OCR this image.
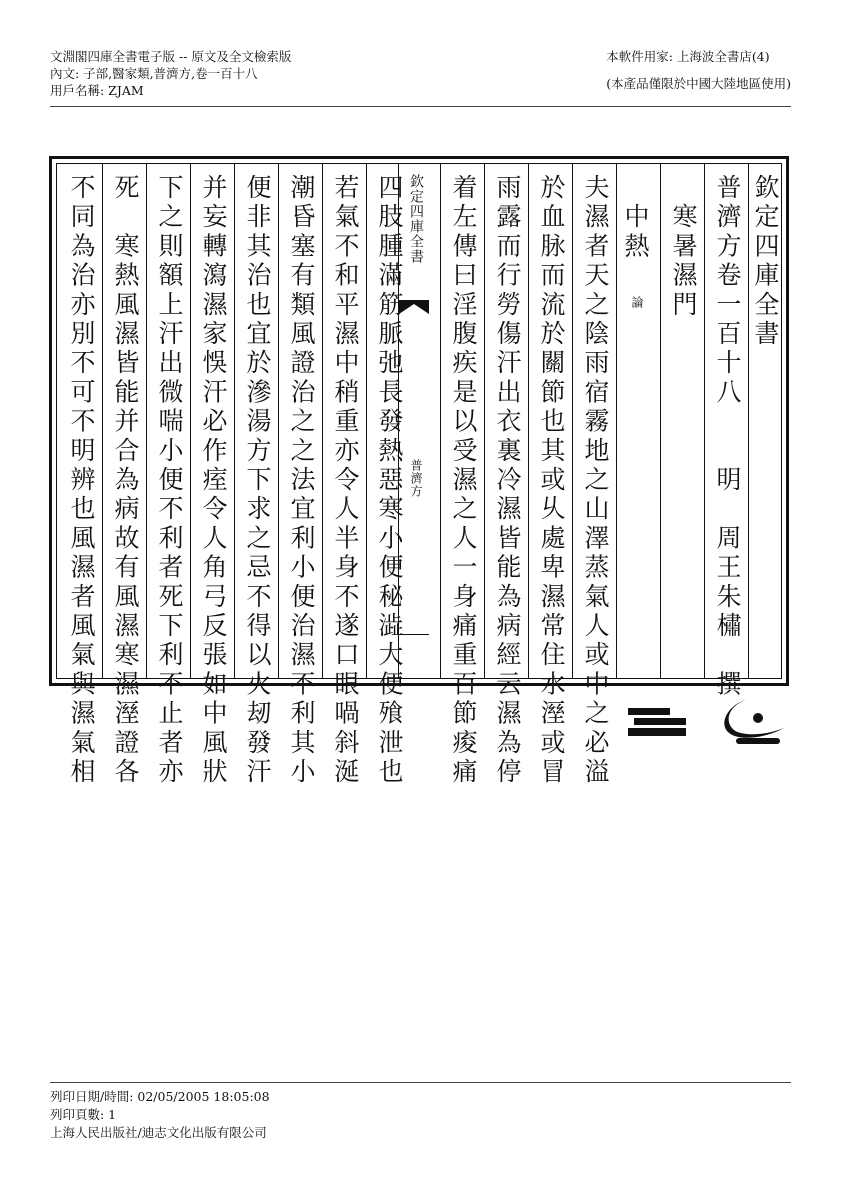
文淵閣四庫全書電子版 -- 原文及全文檢索版
內文: 子部,醫家類,普濟方,卷一百十八
用戶名稱: ZJAM
本軟件用家: 上海波全書店(4)
(本產品僅限於中國大陸地區使用)
欽定四庫全書
普濟方卷一百十八　　明　周王朱橚　撰
　寒暑濕門
　中熱
論
夫濕者天之陰雨宿霧地之山澤蒸氣人或中之必溢
於血脉而流於關節也其或乆處卑濕常住水溼或冒
雨露而行勞傷汗出衣裏冷濕皆能為病經云濕為停
着左傳曰淫腹疾是以受濕之人一身痛重百節痠痛
欽定四庫全書
普濟方
四肢腫滿筋脈弛長發熱惡寒小便秘澁大便飱泄也
若氣不和平濕中稍重亦令人半身不遂口眼喎斜涎
潮昏塞有類風證治之之法宜利小便治濕不利其小
便非其治也宜於滲湯方下求之忌不得以火刼發汗
并妄轉瀉濕家悞汗必作痓令人角弓反張如中風狀
下之則額上汗出微喘小便不利者死下利不止者亦
死　寒熱風濕皆能并合為病故有風濕寒濕溼證各
不同為治亦別不可不明辨也風濕者風氣與濕氣相
列印日期/時間: 02/05/2005 18:05:08
列印頁數: 1
上海人民出版社/迪志文化出版有限公司
